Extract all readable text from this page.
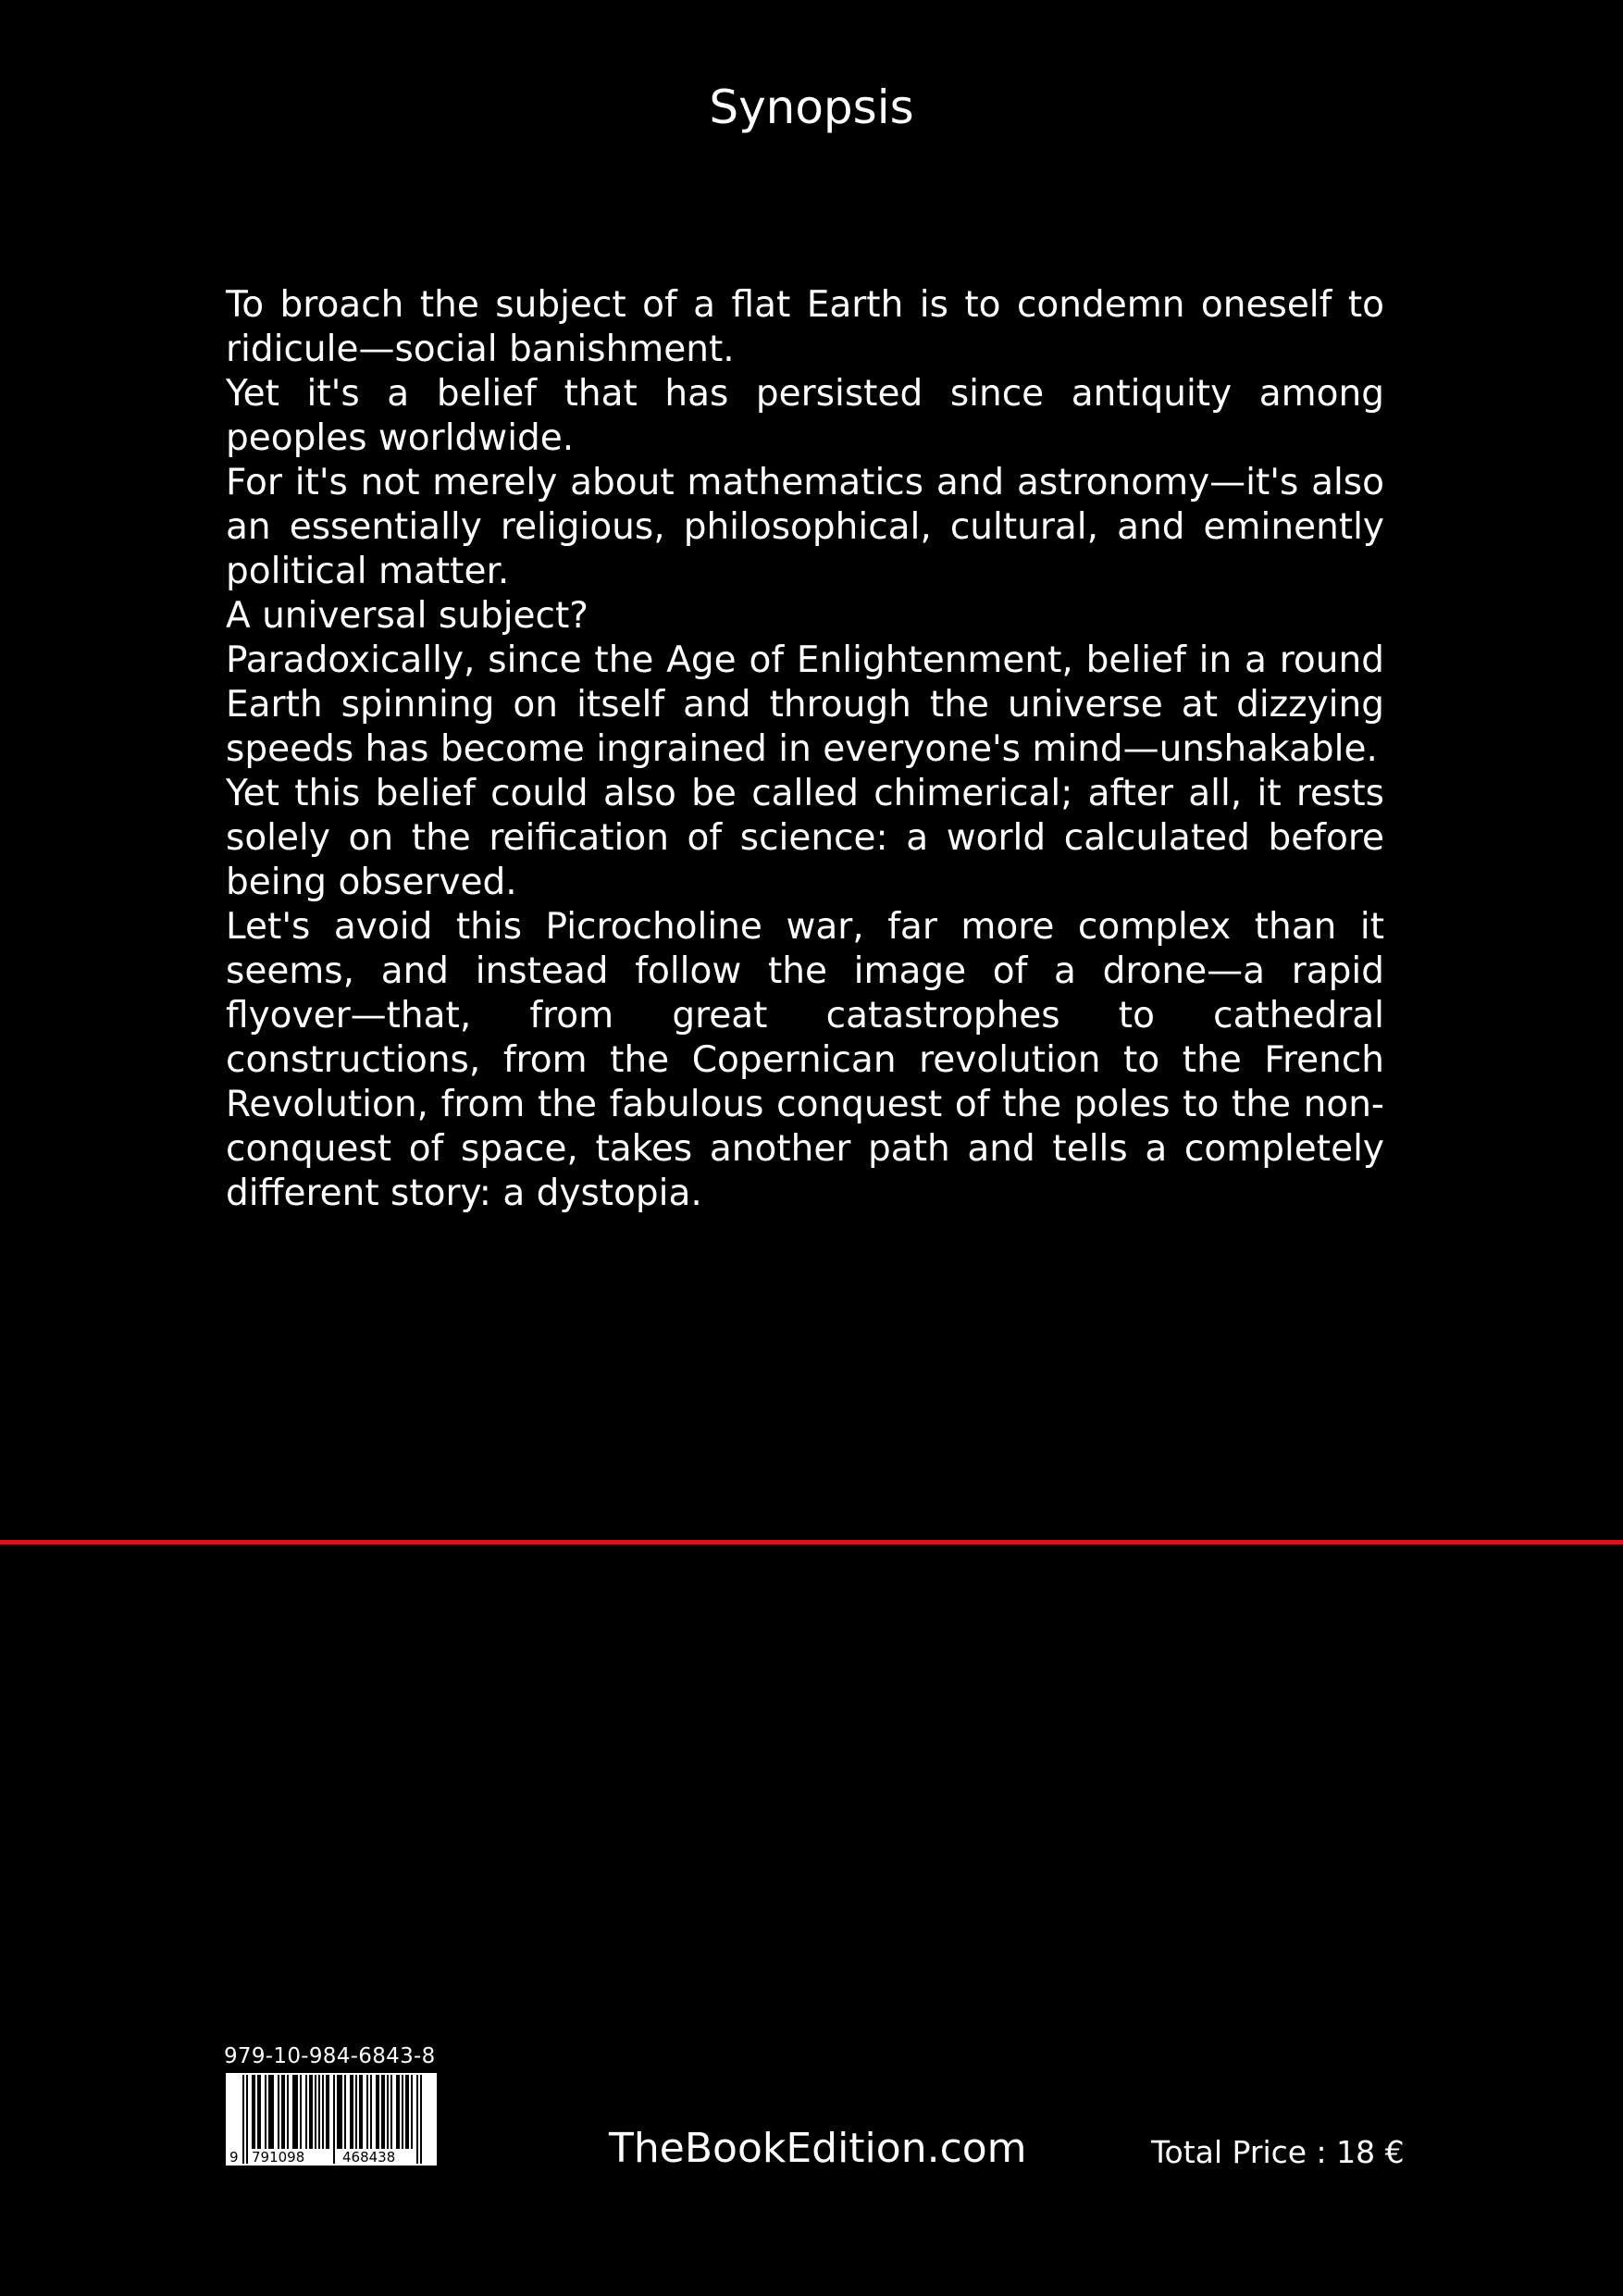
Synopsis

To broach the subject of a flat Earth is to condemn oneself to ridicule—social banishment.

Yet it's a belief that has persisted since antiquity among peoples worldwide.

For it's not merely about mathematics and astronomy—it's also an essentially religious, philosophical, cultural, and eminently political matter.

A universal subject?

Paradoxically, since the Age of Enlightenment, belief in a round Earth spinning on itself and through the universe at dizzying speeds has become ingrained in everyone's mind—unshakable.

Yet this belief could also be called chimerical; after all, it rests solely on the reification of science: a world calculated before being observed.

Let's avoid this Picrocholine war, far more complex than it seems, and instead follow the image of a drone—a rapid flyover—that, from great catastrophes to cathedral constructions, from the Copernican revolution to the French Revolution, from the fabulous conquest of the poles to the non-conquest of space, takes another path and tells a completely different story: a dystopia.

979-10-984-6843-8
9 791098	468438	TheBookEdition.com	Total Price : 18 €
